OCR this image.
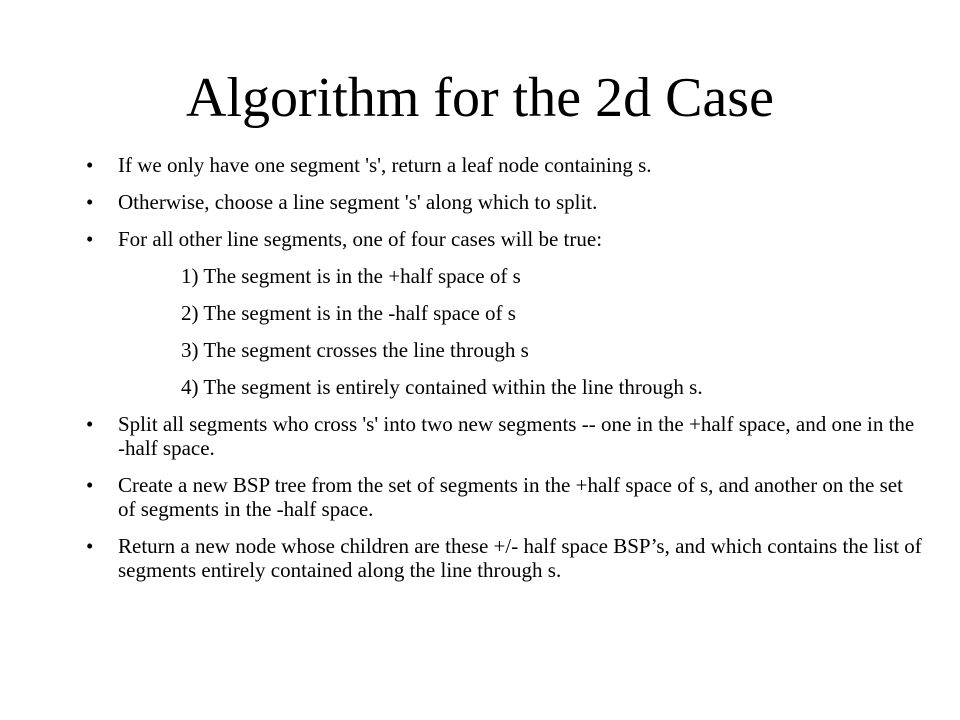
Algorithm for the 2d Case
• If we only have one segment 's', return a leaf node containing s.
• Otherwise, choose a line segment 's' along which to split.
• For all other line segments, one of four cases will be true:
1) The segment is in the +half space of s
2) The segment is in the -half space of s
3) The segment crosses the line through s
4) The segment is entirely contained within the line through s.
• Split all segments who cross 's' into two new segments -- one in the +half space, and one in the -half space.
• Create a new BSP tree from the set of segments in the +half space of s, and another on the set of segments in the -half space.
• Return a new node whose children are these +/- half space BSP’s, and which contains the list of segments entirely contained along the line through s.
